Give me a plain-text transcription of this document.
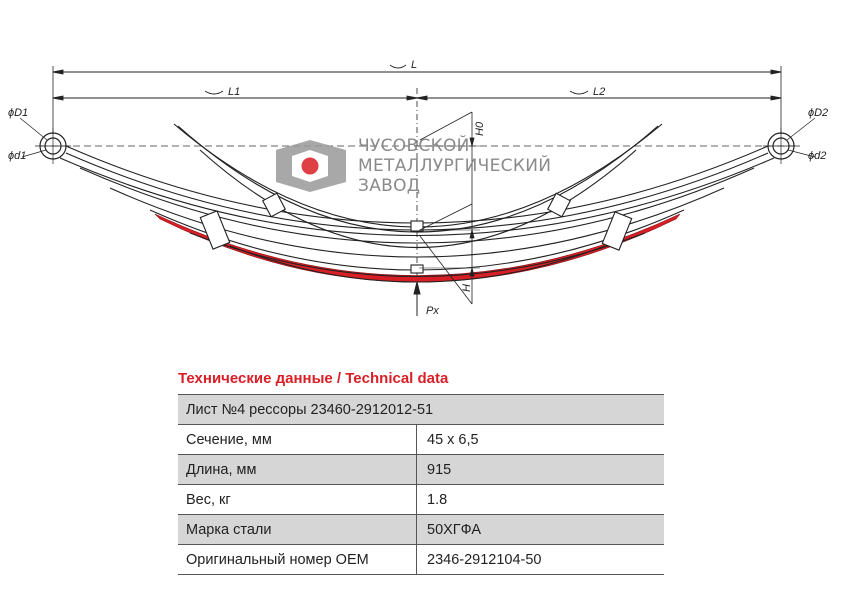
L
L1	L2
ϕD1
ϕd1
ϕD2
ϕd2
H0
H
Pх
ЧУСОВСКОЙ
МЕТАЛЛУРГИЧЕСКИЙ
ЗАВОД
Технические данные / Technical data
Лист №4 рессоры 23460-2912012-51	
Сечение, мм	45 х 6,5
Длина, мм	915
Вес, кг	1.8
Марка стали	50ХГФА
Оригинальный номер ОЕМ	2346-2912104-50
